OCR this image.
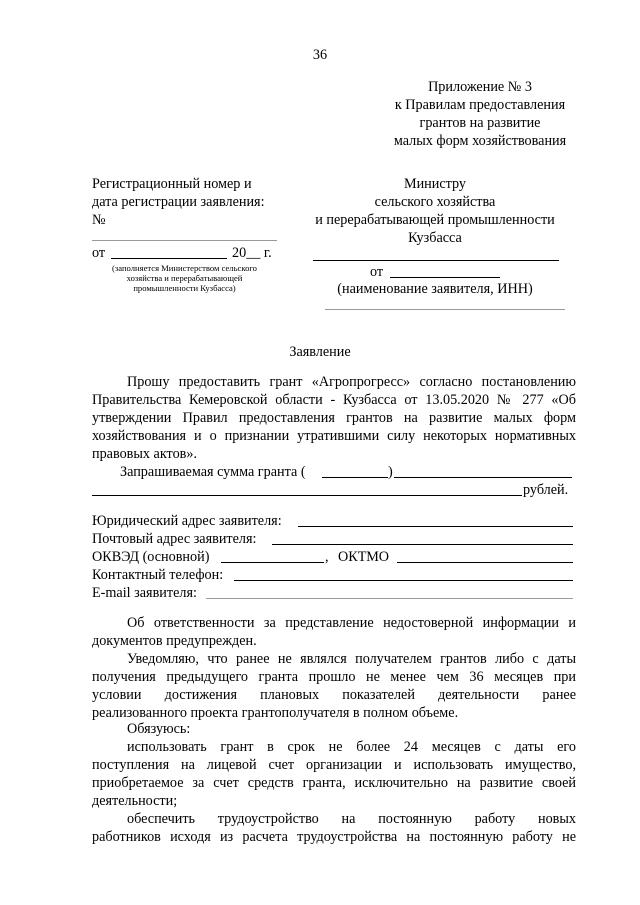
36
Приложение № 3
к Правилам предоставления
грантов на развитие
малых форм хозяйствования
Регистрационный номер и
дата регистрации заявления:
№
от	20__ г.
(заполняется Министерством сельского
хозяйства и перерабатывающей
промышленности Кузбасса)
Министру
сельского хозяйства
и перерабатывающей промышленности
Кузбасса
от
(наименование заявителя, ИНН)
Заявление
Прошу предоставить грант «Агропрогресс» согласно постановлению
Правительства Кемеровской области - Кузбасса от 13.05.2020 № 277 «Об
утверждении Правил предоставления грантов на развитие малых форм
хозяйствования и о признании утратившими силу некоторых нормативных
правовых актов».
Запрашиваемая сумма гранта (	)
рублей.
Юридический адрес заявителя:
Почтовый адрес заявителя:
ОКВЭД (основной)	, ОКТМО
Контактный телефон:
E-mail заявителя:
Об ответственности за представление недостоверной информации и
документов предупрежден.
Уведомляю, что ранее не являлся получателем грантов либо с даты
получения предыдущего гранта прошло не менее чем 36 месяцев при
условии достижения плановых показателей деятельности ранее
реализованного проекта грантополучателя в полном объеме.
Обязуюсь:
использовать грант в срок не более 24 месяцев с даты его
поступления на лицевой счет организации и использовать имущество,
приобретаемое за счет средств гранта, исключительно на развитие своей
деятельности;
обеспечить трудоустройство на постоянную работу новых
работников исходя из расчета трудоустройства на постоянную работу не
